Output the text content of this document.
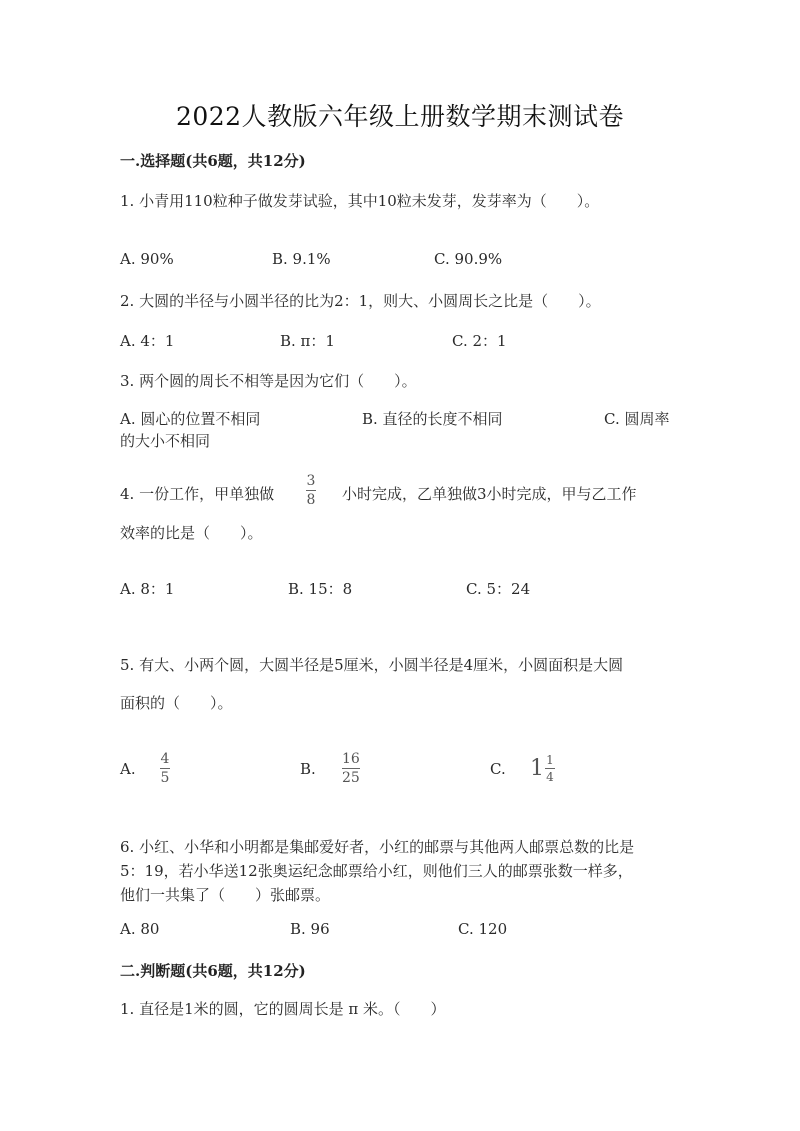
2022人教版六年级上册数学期末测试卷
一.选择题(共6题，共12分)
1. 小青用110粒种子做发芽试验，其中10粒未发芽，发芽率为（　　）。
A. 90%	B. 9.1%	C. 90.9%
2. 大圆的半径与小圆半径的比为2：1，则大、小圆周长之比是（　　）。
A. 4：1	B. π：1	C. 2：1
3. 两个圆的周长不相等是因为它们（　　）。
A. 圆心的位置不相同	B. 直径的长度不相同	C. 圆周率
的大小不相同
4. 一份工作，甲单独做
3
8 小时完成，乙单独做3小时完成，甲与乙工作
效率的比是（　　）。
A. 8：1	B. 15：8	C. 5：24
5. 有大、小两个圆，大圆半径是5厘米，小圆半径是4厘米，小圆面积是大圆
面积的（　　）。
A.
4
5	B.
16
25	C. $1 \frac{1}{4}$
6. 小红、小华和小明都是集邮爱好者，小红的邮票与其他两人邮票总数的比是
5：19，若小华送12张奥运纪念邮票给小红，则他们三人的邮票张数一样多，
他们一共集了（　　）张邮票。
A. 80	B. 96	C. 120
二.判断题(共6题，共12分)
1. 直径是1米的圆，它的圆周长是 π 米。（　　）
